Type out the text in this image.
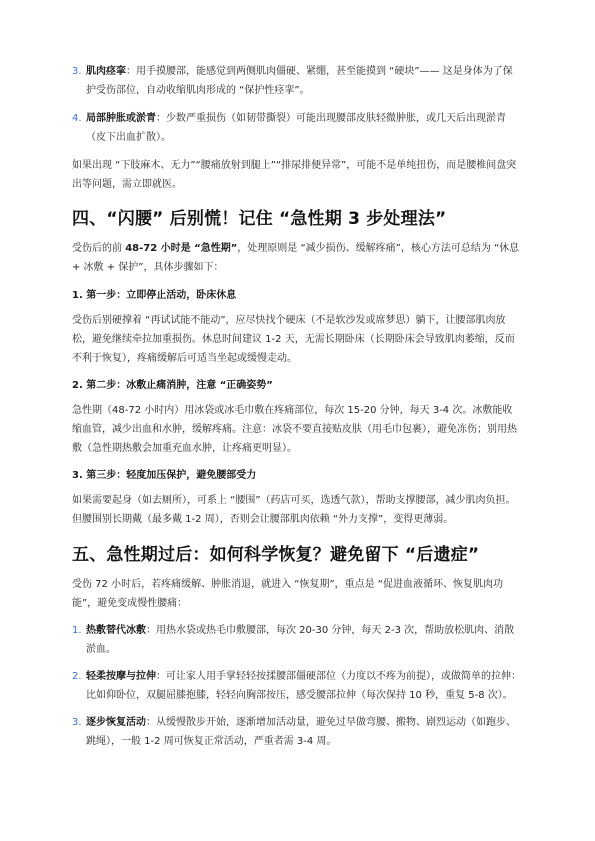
3. 肌肉痉挛：用手摸腰部，能感觉到两侧肌肉僵硬、紧绷，甚至能摸到 “硬块”—— 这是身体为了保护受伤部位，自动收缩肌肉形成的 “保护性痉挛”。

4. 局部肿胀或淤青：少数严重损伤（如韧带撕裂）可能出现腰部皮肤轻微肿胀，或几天后出现淤青（皮下出血扩散）。

如果出现 “下肢麻木、无力”“腰痛放射到腿上”“排尿排便异常”，可能不是单纯扭伤，而是腰椎间盘突出等问题，需立即就医。

四、“闪腰” 后别慌！记住 “急性期 3 步处理法”

受伤后的前 48-72 小时是 “急性期”，处理原则是 “减少损伤、缓解疼痛”，核心方法可总结为 “休息 + 冰敷 + 保护”，具体步骤如下：

1. 第一步：立即停止活动，卧床休息

受伤后别硬撑着 “再试试能不能动”，应尽快找个硬床（不是软沙发或席梦思）躺下，让腰部肌肉放松，避免继续牵拉加重损伤。休息时间建议 1-2 天，无需长期卧床（长期卧床会导致肌肉萎缩，反而不利于恢复），疼痛缓解后可适当坐起或缓慢走动。

2. 第二步：冰敷止痛消肿，注意 “正确姿势”

急性期（48-72 小时内）用冰袋或冰毛巾敷在疼痛部位，每次 15-20 分钟，每天 3-4 次。冰敷能收缩血管，减少出血和水肿，缓解疼痛。注意：冰袋不要直接贴皮肤（用毛巾包裹），避免冻伤；别用热敷（急性期热敷会加重充血水肿，让疼痛更明显）。

3. 第三步：轻度加压保护，避免腰部受力

如果需要起身（如去厕所），可系上 “腰围”（药店可买，选透气款），帮助支撑腰部，减少肌肉负担。但腰围别长期戴（最多戴 1-2 周），否则会让腰部肌肉依赖 “外力支撑”，变得更薄弱。

五、急性期过后：如何科学恢复？避免留下 “后遗症”

受伤 72 小时后，若疼痛缓解、肿胀消退，就进入 “恢复期”，重点是 “促进血液循环、恢复肌肉功能”，避免变成慢性腰痛：

1. 热敷替代冰敷：用热水袋或热毛巾敷腰部，每次 20-30 分钟，每天 2-3 次，帮助放松肌肉、消散淤血。

2. 轻柔按摩与拉伸：可让家人用手掌轻轻按揉腰部僵硬部位（力度以不疼为前提），或做简单的拉伸：比如仰卧位，双腿屈膝抱膝，轻轻向胸部按压，感受腰部拉伸（每次保持 10 秒，重复 5-8 次）。

3. 逐步恢复活动：从缓慢散步开始，逐渐增加活动量，避免过早做弯腰、搬物、剧烈运动（如跑步、跳绳），一般 1-2 周可恢复正常活动，严重者需 3-4 周。
